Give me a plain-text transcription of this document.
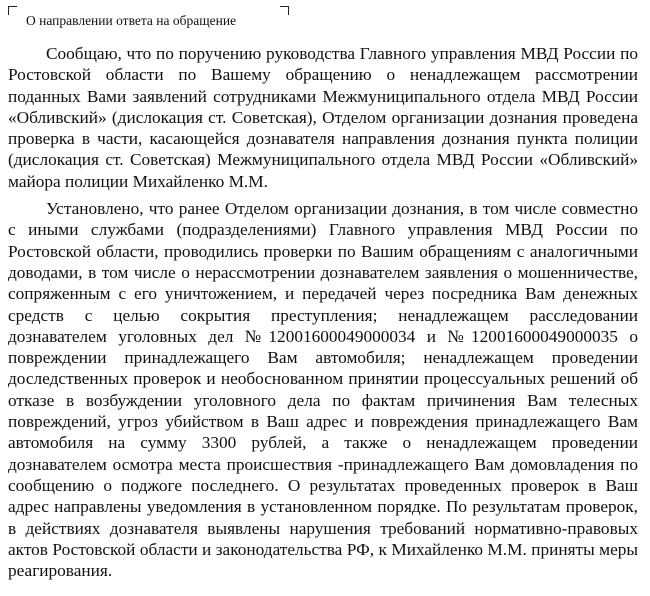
О направлении ответа на обращение

Сообщаю, что по поручению руководства Главного управления МВД России по Ростовской области по Вашему обращению о ненадлежащем рассмотрении поданных Вами заявлений сотрудниками Межмуниципального отдела МВД России «Обливский» (дислокация ст. Советская), Отделом организации дознания проведена проверка в части, касающейся дознавателя направления дознания пункта полиции (дислокация ст. Советская) Межмуниципального отдела МВД России «Обливский» майора полиции Михайленко М.М.

Установлено, что ранее Отделом организации дознания, в том числе совместно с иными службами (подразделениями) Главного управления МВД России по Ростовской области, проводились проверки по Вашим обращениям с аналогичными доводами, в том числе о нерассмотрении дознавателем заявления о мошенничестве, сопряженным с его уничтожением, и передачей через посредника Вам денежных средств с целью сокрытия преступления; ненадлежащем расследовании дознавателем уголовных дел №12001600049000034 и №12001600049000035 о повреждении принадлежащего Вам автомобиля; ненадлежащем проведении доследственных проверок и необоснованном принятии процессуальных решений об отказе в возбуждении уголовного дела по фактам причинения Вам телесных повреждений, угроз убийством в Ваш адрес и повреждения принадлежащего Вам автомобиля на сумму 3300 рублей, а также о ненадлежащем проведении дознавателем осмотра места происшествия -принадлежащего Вам домовладения по сообщению о поджоге последнего. О результатах проведенных проверок в Ваш адрес направлены уведомления в установленном порядке. По результатам проверок, в действиях дознавателя выявлены нарушения требований нормативно-правовых актов Ростовской области и законодательства РФ, к Михайленко М.М. приняты меры реагирования.
